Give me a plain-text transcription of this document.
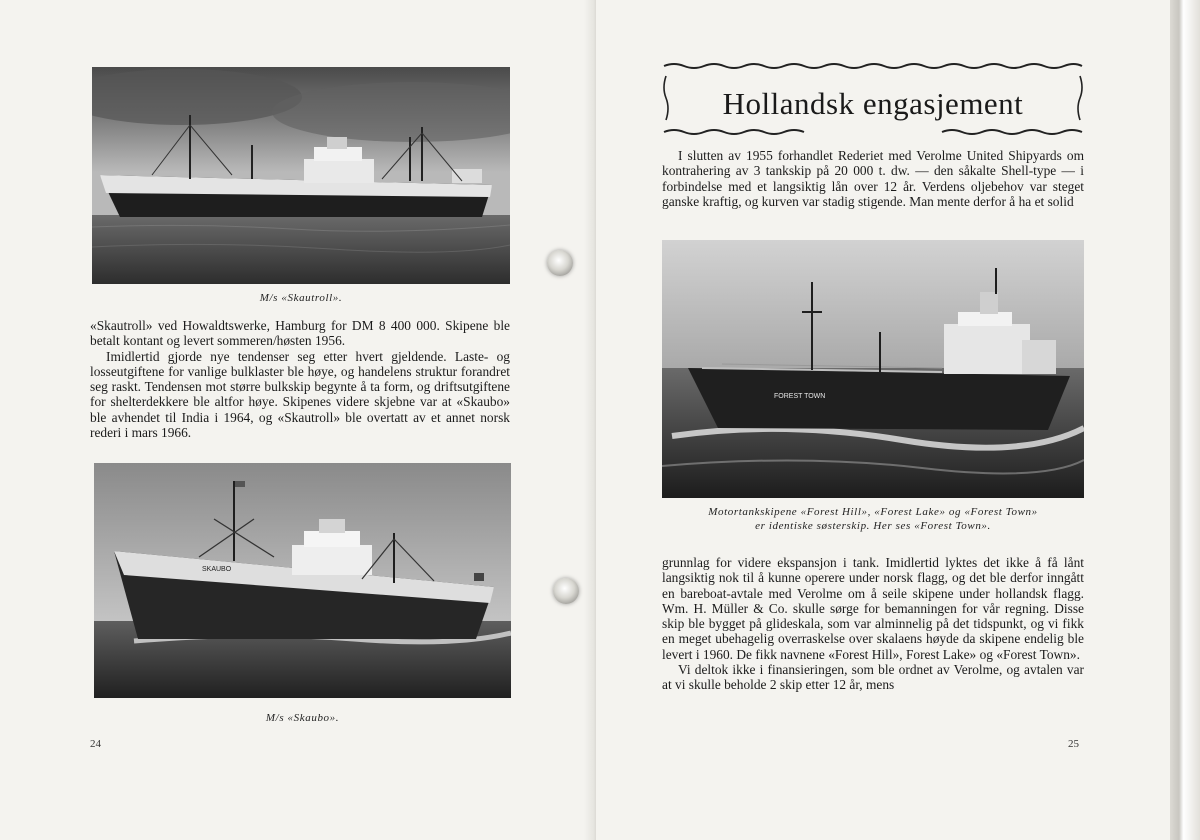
M/s «Skautroll».

«Skautroll» ved Howaldtswerke, Hamburg for DM 8 400 000. Skipene ble betalt kontant og levert sommeren/høsten 1956.

Imidlertid gjorde nye tendenser seg etter hvert gjeldende. Laste- og losseutgiftene for vanlige bulklaster ble høye, og handelens struktur forandret seg raskt. Tendensen mot større bulkskip begynte å ta form, og driftsutgiftene for shelterdekkere ble altfor høye. Skipenes videre skjebne var at «Skaubo» ble avhendet til India i 1964, og «Skautroll» ble overtatt av et annet norsk rederi i mars 1966.

SKAUBO
M/s «Skaubo».
24
Hollandsk engasjement

I slutten av 1955 forhandlet Rederiet med Verolme United Shipyards om kontrahering av 3 tankskip på 20 000 t. dw. — den såkalte Shell-type — i forbindelse med et langsiktig lån over 12 år. Verdens oljebehov var steget ganske kraftig, og kurven var stadig stigende. Man mente derfor å ha et solid

FOREST TOWN
Motortankskipene «Forest Hill», «Forest Lake» og «Forest Town»
er identiske søsterskip. Her ses «Forest Town».

grunnlag for videre ekspansjon i tank. Imidlertid lyktes det ikke å få lånt langsiktig nok til å kunne operere under norsk flagg, og det ble derfor inngått en bareboat-avtale med Verolme om å seile skipene under hollandsk flagg. Wm. H. Müller & Co. skulle sørge for bemanningen for vår regning. Disse skip ble bygget på glideskala, som var alminnelig på det tidspunkt, og vi fikk en meget ubehagelig overraskelse over skalaens høyde da skipene endelig ble levert i 1960. De fikk navnene «Forest Hill», Forest Lake» og «Forest Town».

Vi deltok ikke i finansieringen, som ble ordnet av Verolme, og avtalen var at vi skulle beholde 2 skip etter 12 år, mens

25
